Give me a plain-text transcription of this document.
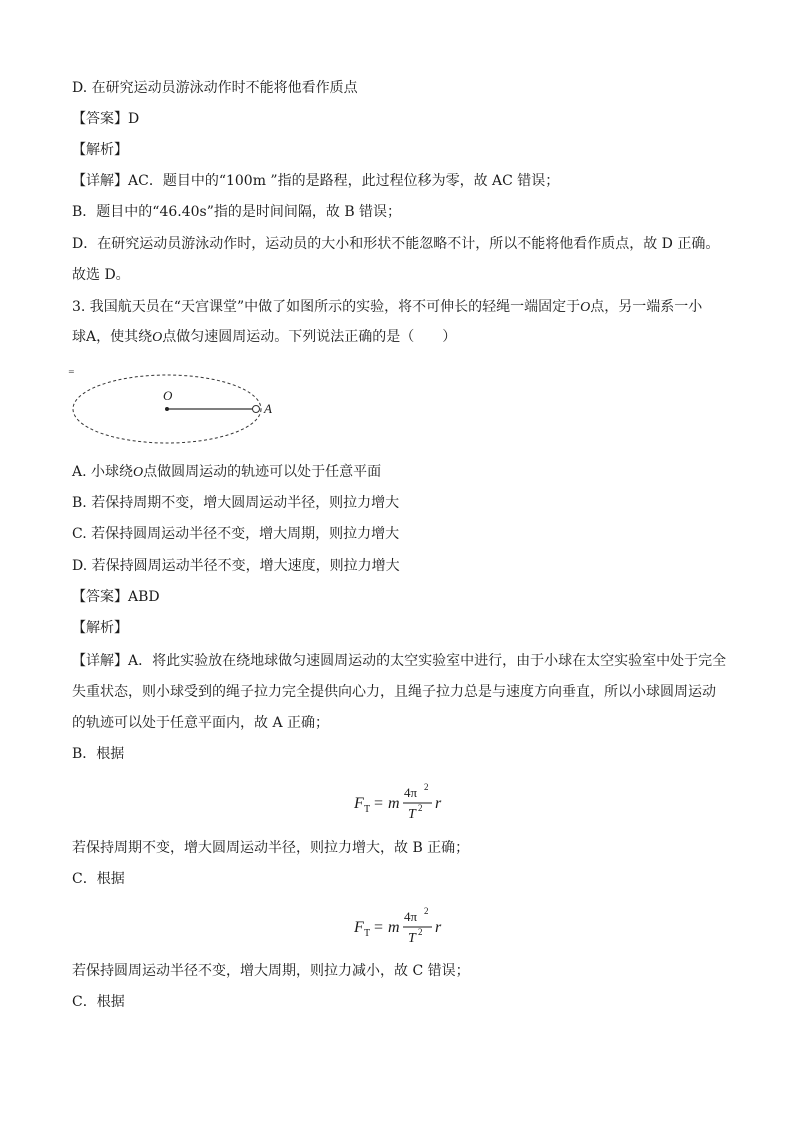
D. 在研究运动员游泳动作时不能将他看作质点
【答案】D
【解析】
【详解】AC．题目中的“100m ”指的是路程，此过程位移为零，故 AC 错误；
B．题目中的“46.40s”指的是时间间隔，故 B 错误；
D．在研究运动员游泳动作时，运动员的大小和形状不能忽略不计，所以不能将他看作质点，故 D 正确。
故选 D。
3. 我国航天员在“天宫课堂”中做了如图所示的实验，将不可伸长的轻绳一端固定于O点，另一端系一小
球A，使其绕O点做匀速圆周运动。下列说法正确的是（　　）
=
O
A
A. 小球绕O点做圆周运动的轨迹可以处于任意平面
B. 若保持周期不变，增大圆周运动半径，则拉力增大
C. 若保持圆周运动半径不变，增大周期，则拉力增大
D. 若保持圆周运动半径不变，增大速度，则拉力增大
【答案】ABD
【解析】
【详解】A．将此实验放在绕地球做匀速圆周运动的太空实验室中进行，由于小球在太空实验室中处于完全
失重状态，则小球受到的绳子拉力完全提供向心力，且绳子拉力总是与速度方向垂直，所以小球圆周运动
的轨迹可以处于任意平面内，故 A 正确；
B．根据
F T = m
4π 2
T 2 r
若保持周期不变，增大圆周运动半径，则拉力增大，故 B 正确；
C．根据
F T = m
4π 2
T 2 r
若保持圆周运动半径不变，增大周期，则拉力减小，故 C 错误；
C．根据
